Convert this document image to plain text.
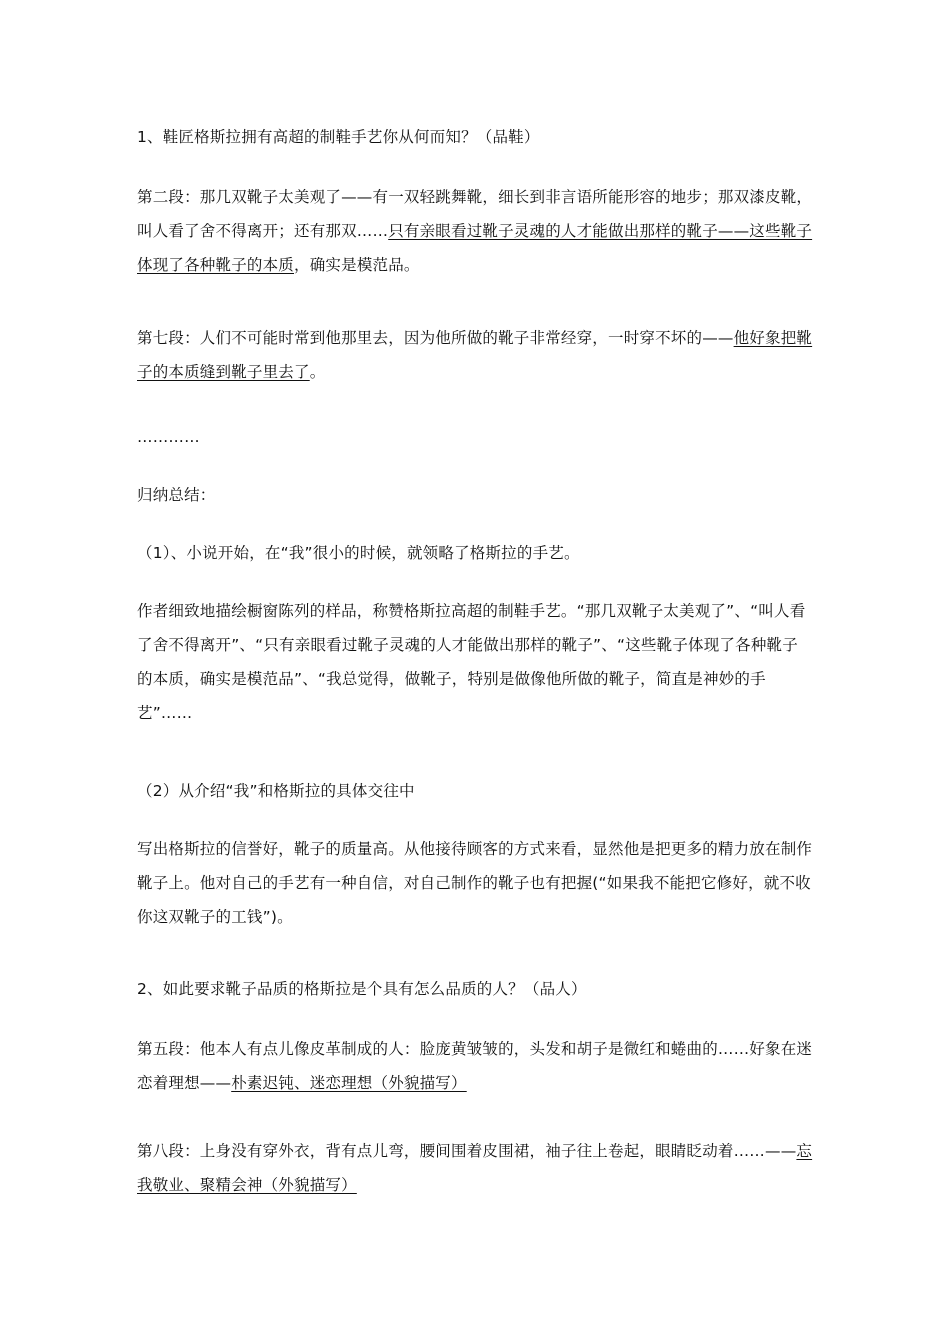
1、鞋匠格斯拉拥有高超的制鞋手艺你从何而知？（品鞋）
第二段：那几双靴子太美观了——有一双轻跳舞靴，细长到非言语所能形容的地步；那双漆皮靴，叫人看了舍不得离开；还有那双……只有亲眼看过靴子灵魂的人才能做出那样的靴子——这些靴子体现了各种靴子的本质，确实是模范品。
第七段：人们不可能时常到他那里去，因为他所做的靴子非常经穿，一时穿不坏的——他好象把靴子的本质缝到靴子里去了。
…………
归纳总结：
（1）、小说开始，在“我”很小的时候，就领略了格斯拉的手艺。
作者细致地描绘橱窗陈列的样品，称赞格斯拉高超的制鞋手艺。“那几双靴子太美观了”、“叫人看了舍不得离开”、“只有亲眼看过靴子灵魂的人才能做出那样的靴子”、“这些靴子体现了各种靴子的本质，确实是模范品”、“我总觉得，做靴子，特别是做像他所做的靴子，简直是神妙的手艺”……
（2）从介绍“我”和格斯拉的具体交往中
写出格斯拉的信誉好，靴子的质量高。从他接待顾客的方式来看，显然他是把更多的精力放在制作靴子上。他对自己的手艺有一种自信，对自己制作的靴子也有把握(“如果我不能把它修好，就不收你这双靴子的工钱”)。
2、如此要求靴子品质的格斯拉是个具有怎么品质的人？（品人）
第五段：他本人有点儿像皮革制成的人：脸庞黄皱皱的，头发和胡子是微红和蜷曲的……好象在迷恋着理想——朴素迟钝、迷恋理想（外貌描写）
第八段：上身没有穿外衣，背有点儿弯，腰间围着皮围裙，袖子往上卷起，眼睛眨动着……——忘我敬业、聚精会神（外貌描写）
